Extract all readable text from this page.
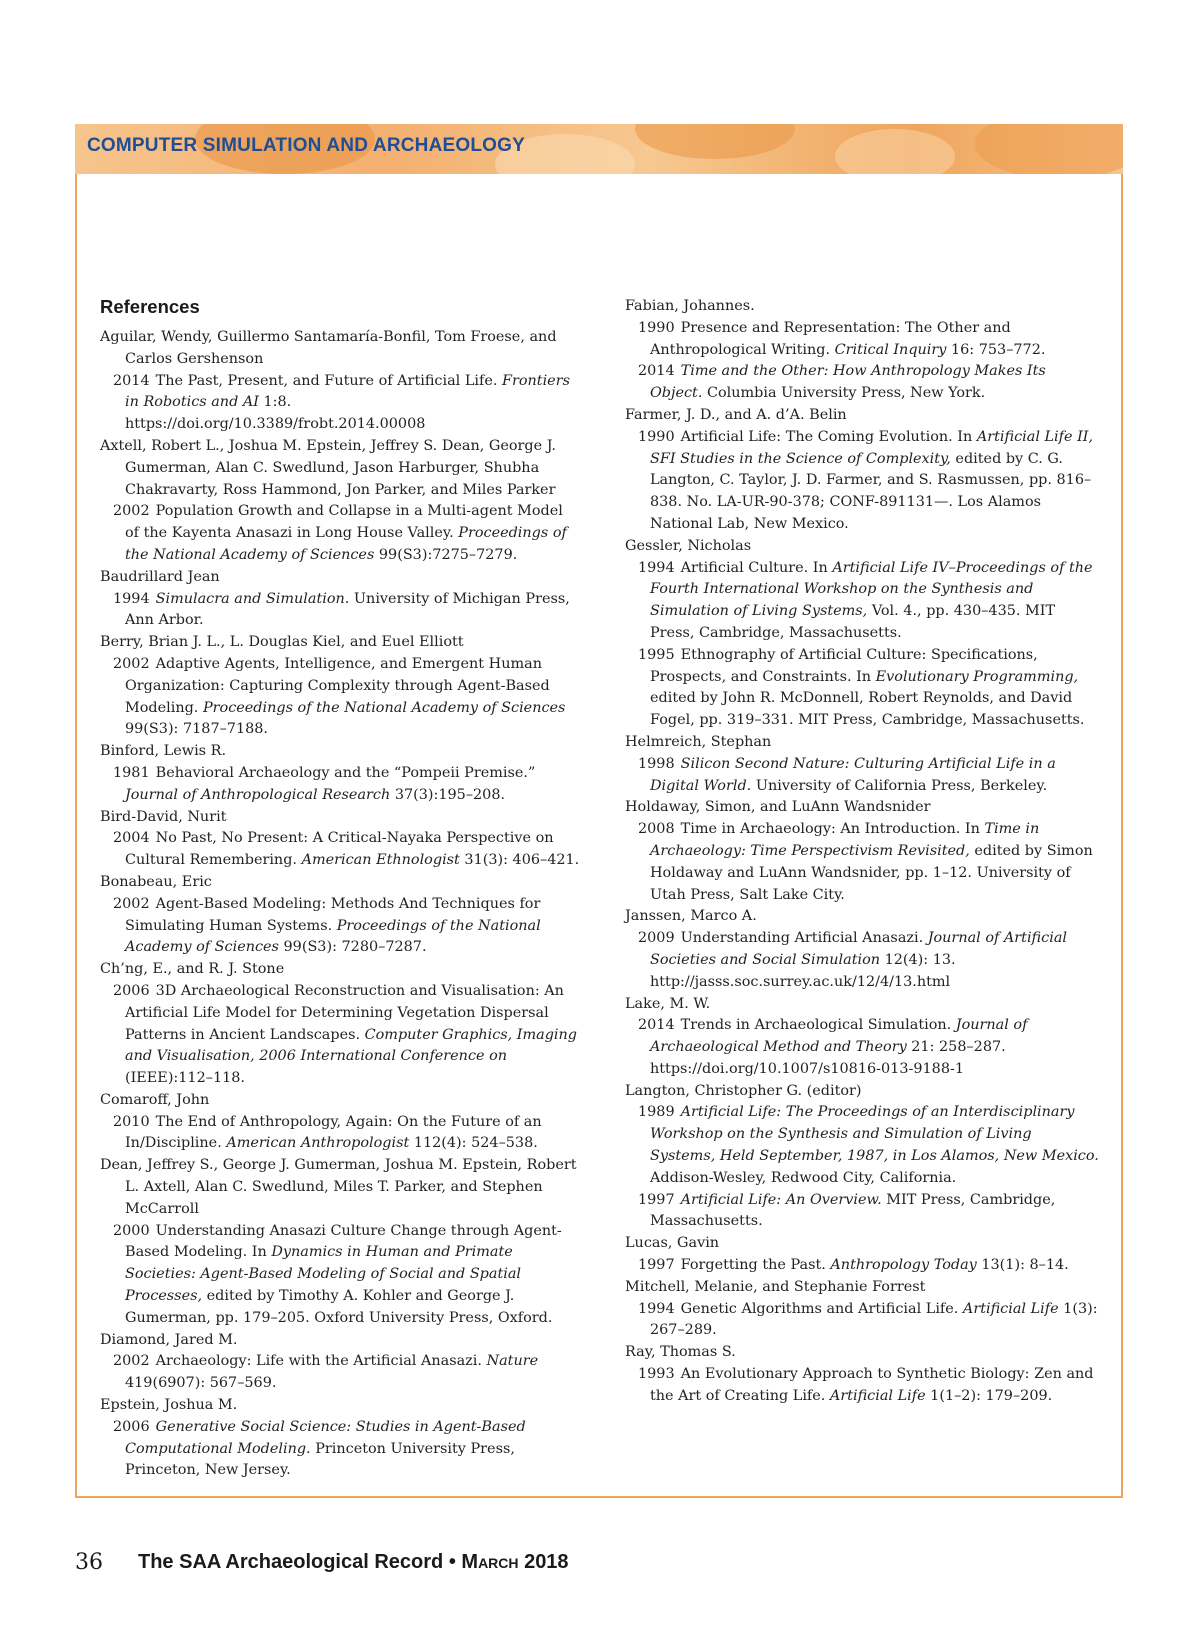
COMPUTER SIMULATION AND ARCHAEOLOGY
References
Aguilar, Wendy, Guillermo Santamaría-Bonfil, Tom Froese, and Carlos Gershenson
2014 The Past, Present, and Future of Artificial Life. Frontiers in Robotics and AI 1:8. https://doi.org/10.3389/frobt.2014.00008
Axtell, Robert L., Joshua M. Epstein, Jeffrey S. Dean, George J. Gumerman, Alan C. Swedlund, Jason Harburger, Shubha Chakravarty, Ross Hammond, Jon Parker, and Miles Parker
2002 Population Growth and Collapse in a Multi-agent Model of the Kayenta Anasazi in Long House Valley. Proceedings of the National Academy of Sciences 99(S3):7275–7279.
Baudrillard Jean
1994 Simulacra and Simulation. University of Michigan Press, Ann Arbor.
Berry, Brian J. L., L. Douglas Kiel, and Euel Elliott
2002 Adaptive Agents, Intelligence, and Emergent Human Organization: Capturing Complexity through Agent-Based Modeling. Proceedings of the National Academy of Sciences 99(S3): 7187–7188.
Binford, Lewis R.
1981 Behavioral Archaeology and the “Pompeii Premise.” Journal of Anthropological Research 37(3):195–208.
Bird-David, Nurit
2004 No Past, No Present: A Critical-Nayaka Perspective on Cultural Remembering. American Ethnologist 31(3): 406–421.
Bonabeau, Eric
2002 Agent-Based Modeling: Methods And Techniques for Simulating Human Systems. Proceedings of the National Academy of Sciences 99(S3): 7280–7287.
Ch’ng, E., and R. J. Stone
2006 3D Archaeological Reconstruction and Visualisation: An Artificial Life Model for Determining Vegetation Dispersal Patterns in Ancient Landscapes. Computer Graphics, Imaging and Visualisation, 2006 International Conference on (IEEE):112–118.
Comaroff, John
2010 The End of Anthropology, Again: On the Future of an In/Discipline. American Anthropologist 112(4): 524–538.
Dean, Jeffrey S., George J. Gumerman, Joshua M. Epstein, Robert L. Axtell, Alan C. Swedlund, Miles T. Parker, and Stephen McCarroll
2000 Understanding Anasazi Culture Change through Agent-Based Modeling. In Dynamics in Human and Primate Societies: Agent-Based Modeling of Social and Spatial Processes, edited by Timothy A. Kohler and George J. Gumerman, pp. 179–205. Oxford University Press, Oxford.
Diamond, Jared M.
2002 Archaeology: Life with the Artificial Anasazi. Nature 419(6907): 567–569.
Epstein, Joshua M.
2006 Generative Social Science: Studies in Agent-Based Computational Modeling. Princeton University Press, Princeton, New Jersey.
Fabian, Johannes.
1990 Presence and Representation: The Other and Anthropological Writing. Critical Inquiry 16: 753–772.
2014 Time and the Other: How Anthropology Makes Its Object. Columbia University Press, New York.
Farmer, J. D., and A. d’A. Belin
1990 Artificial Life: The Coming Evolution. In Artificial Life II, SFI Studies in the Science of Complexity, edited by C. G. Langton, C. Taylor, J. D. Farmer, and S. Rasmussen, pp. 816–838. No. LA-UR-90-378; CONF-891131—. Los Alamos National Lab, New Mexico.
Gessler, Nicholas
1994 Artificial Culture. In Artificial Life IV–Proceedings of the Fourth International Workshop on the Synthesis and Simulation of Living Systems, Vol. 4., pp. 430–435. MIT Press, Cambridge, Massachusetts.
1995 Ethnography of Artificial Culture: Specifications, Prospects, and Constraints. In Evolutionary Programming, edited by John R. McDonnell, Robert Reynolds, and David Fogel, pp. 319–331. MIT Press, Cambridge, Massachusetts.
Helmreich, Stephan
1998 Silicon Second Nature: Culturing Artificial Life in a Digital World. University of California Press, Berkeley.
Holdaway, Simon, and LuAnn Wandsnider
2008 Time in Archaeology: An Introduction. In Time in Archaeology: Time Perspectivism Revisited, edited by Simon Holdaway and LuAnn Wandsnider, pp. 1–12. University of Utah Press, Salt Lake City.
Janssen, Marco A.
2009 Understanding Artificial Anasazi. Journal of Artificial Societies and Social Simulation 12(4): 13. http://jasss.soc.surrey.ac.uk/12/4/13.html
Lake, M. W.
2014 Trends in Archaeological Simulation. Journal of Archaeological Method and Theory 21: 258–287. https://doi.org/10.1007/s10816-013-9188-1
Langton, Christopher G. (editor)
1989 Artificial Life: The Proceedings of an Interdisciplinary Workshop on the Synthesis and Simulation of Living Systems, Held September, 1987, in Los Alamos, New Mexico. Addison-Wesley, Redwood City, California.
1997 Artificial Life: An Overview. MIT Press, Cambridge, Massachusetts.
Lucas, Gavin
1997 Forgetting the Past. Anthropology Today 13(1): 8–14.
Mitchell, Melanie, and Stephanie Forrest
1994 Genetic Algorithms and Artificial Life. Artificial Life 1(3): 267–289.
Ray, Thomas S.
1993 An Evolutionary Approach to Synthetic Biology: Zen and the Art of Creating Life. Artificial Life 1(1–2): 179–209.
36 The SAA Archaeological Record • March 2018
